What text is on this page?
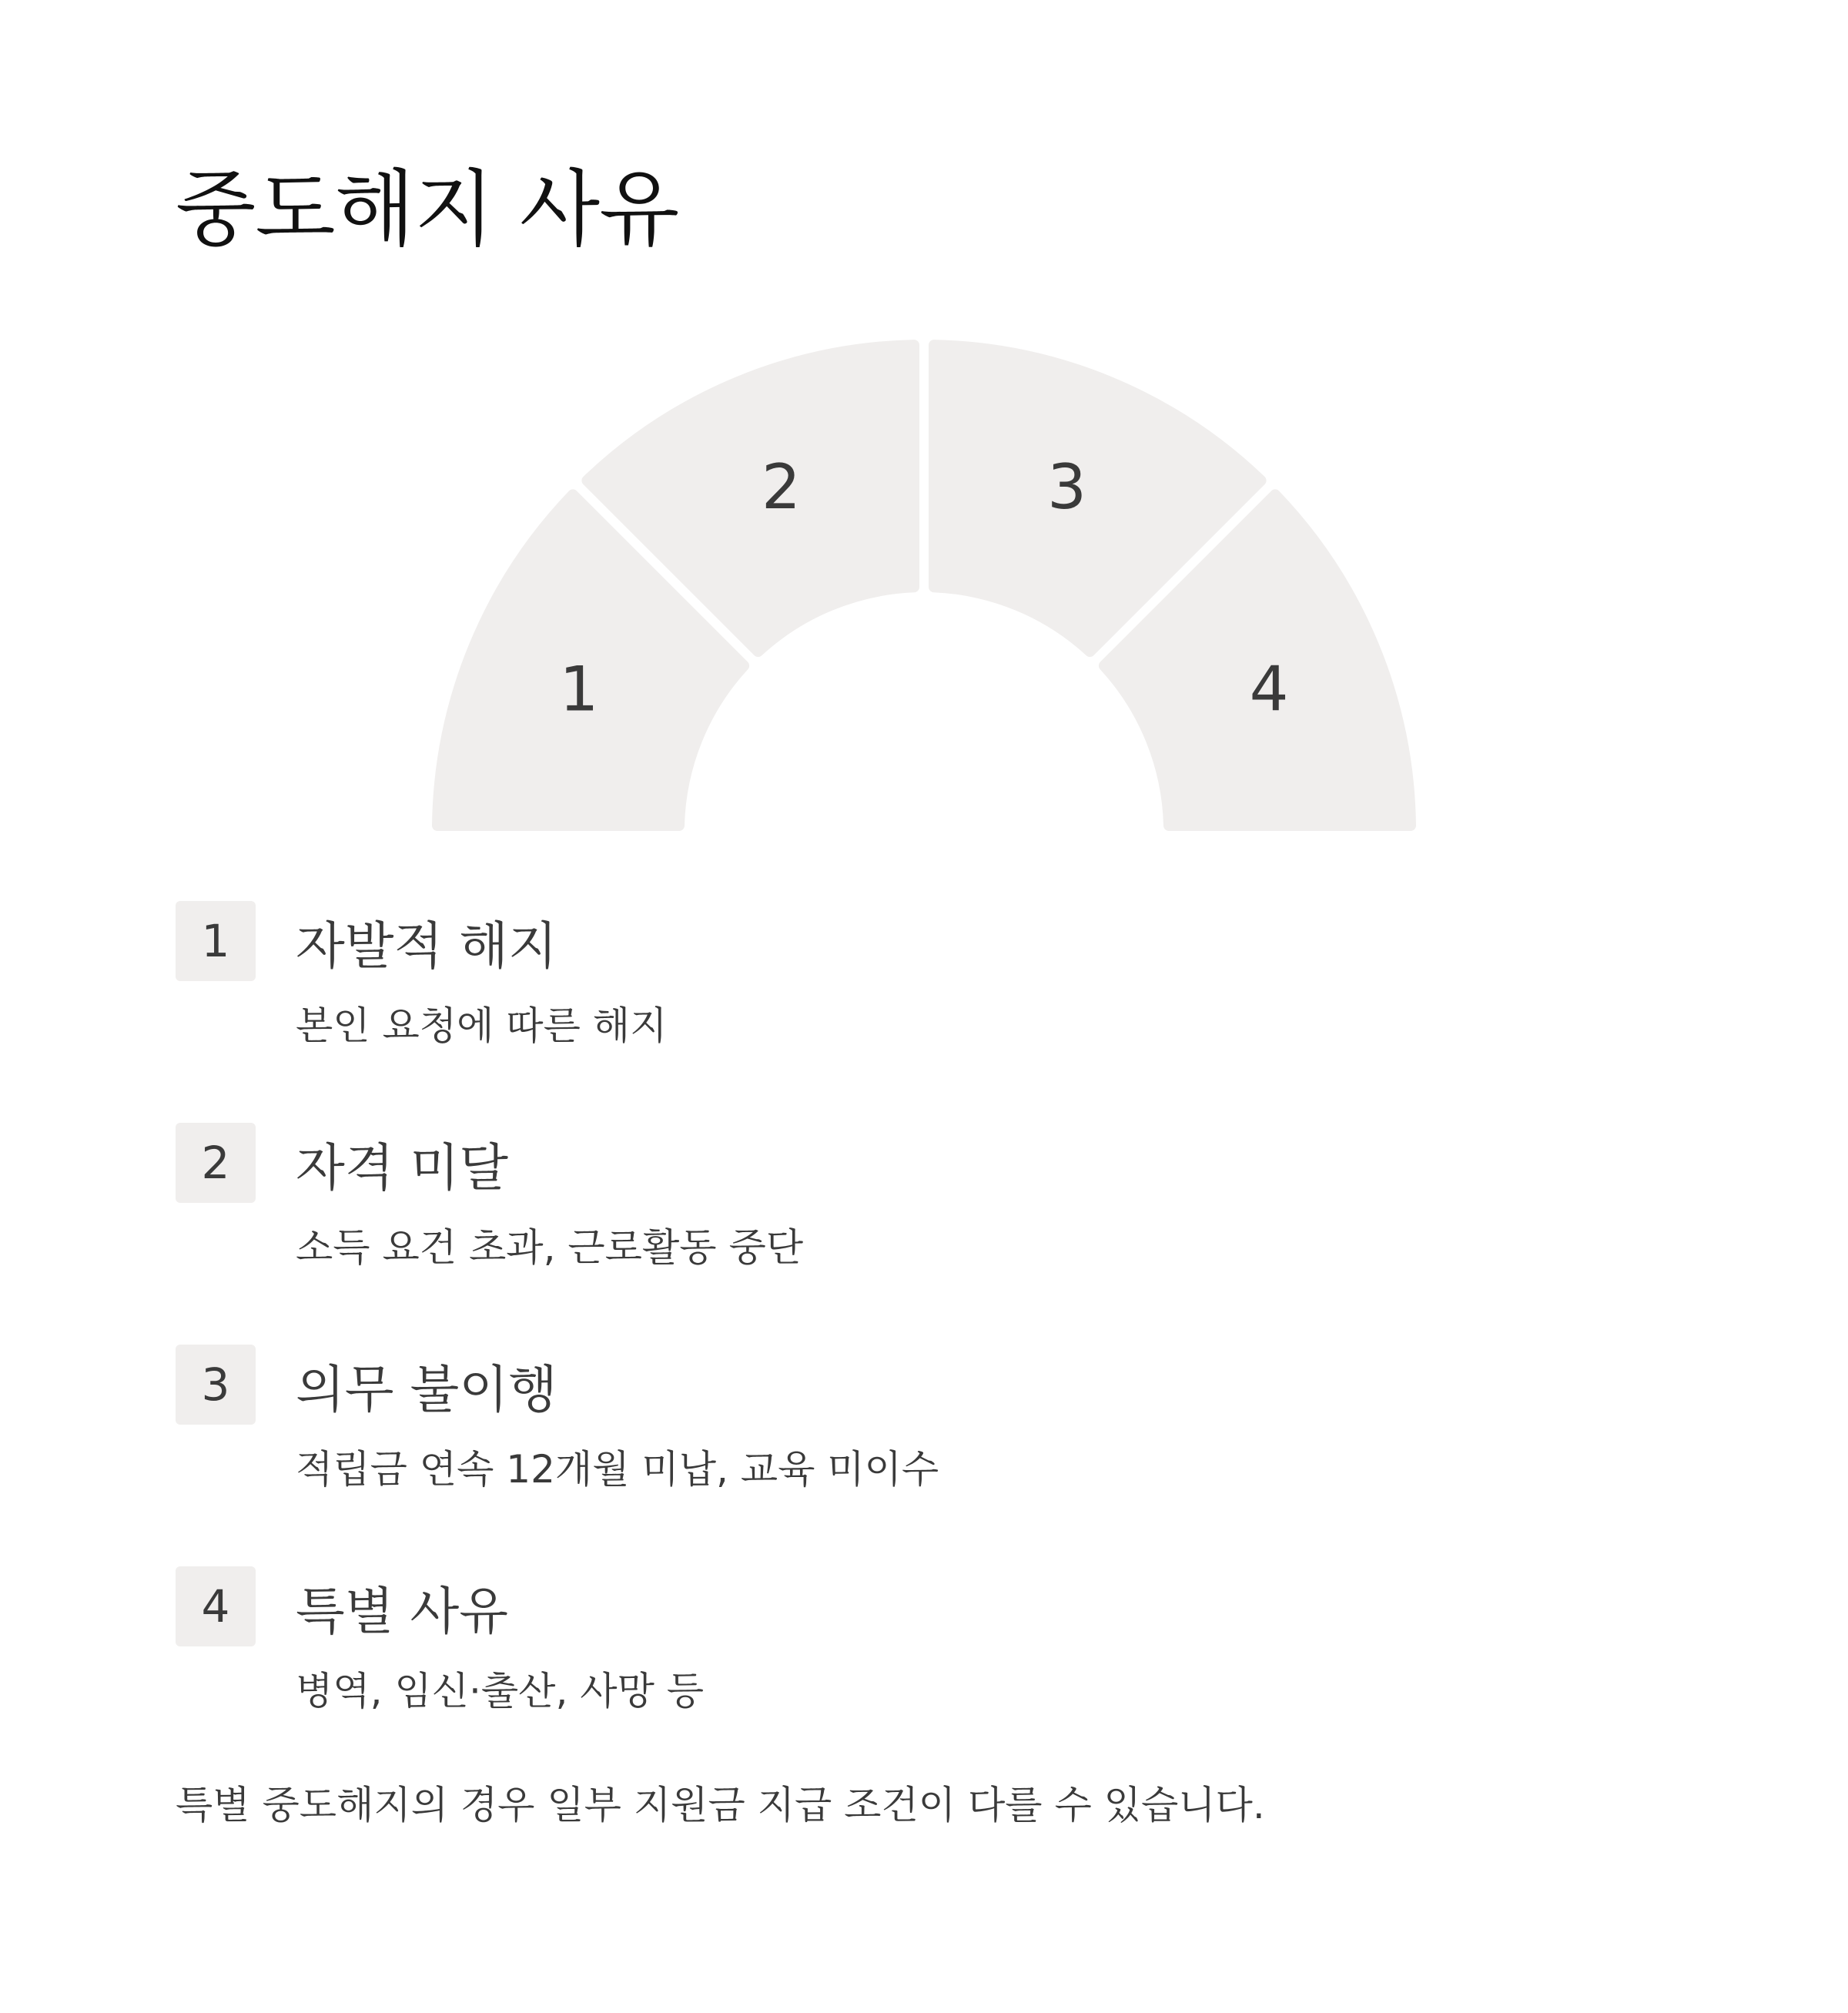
중도해지 사유
1
2	3
4
1	자발적 해지
본인 요청에 따른 해지
2	자격 미달
소득 요건 초과, 근로활동 중단
3	의무 불이행
적립금 연속 12개월 미납, 교육 미이수
4	특별 사유
병역, 임신·출산, 사망 등

특별 중도해지의 경우 일부 지원금 지급 조건이 다를 수 있습니다.
